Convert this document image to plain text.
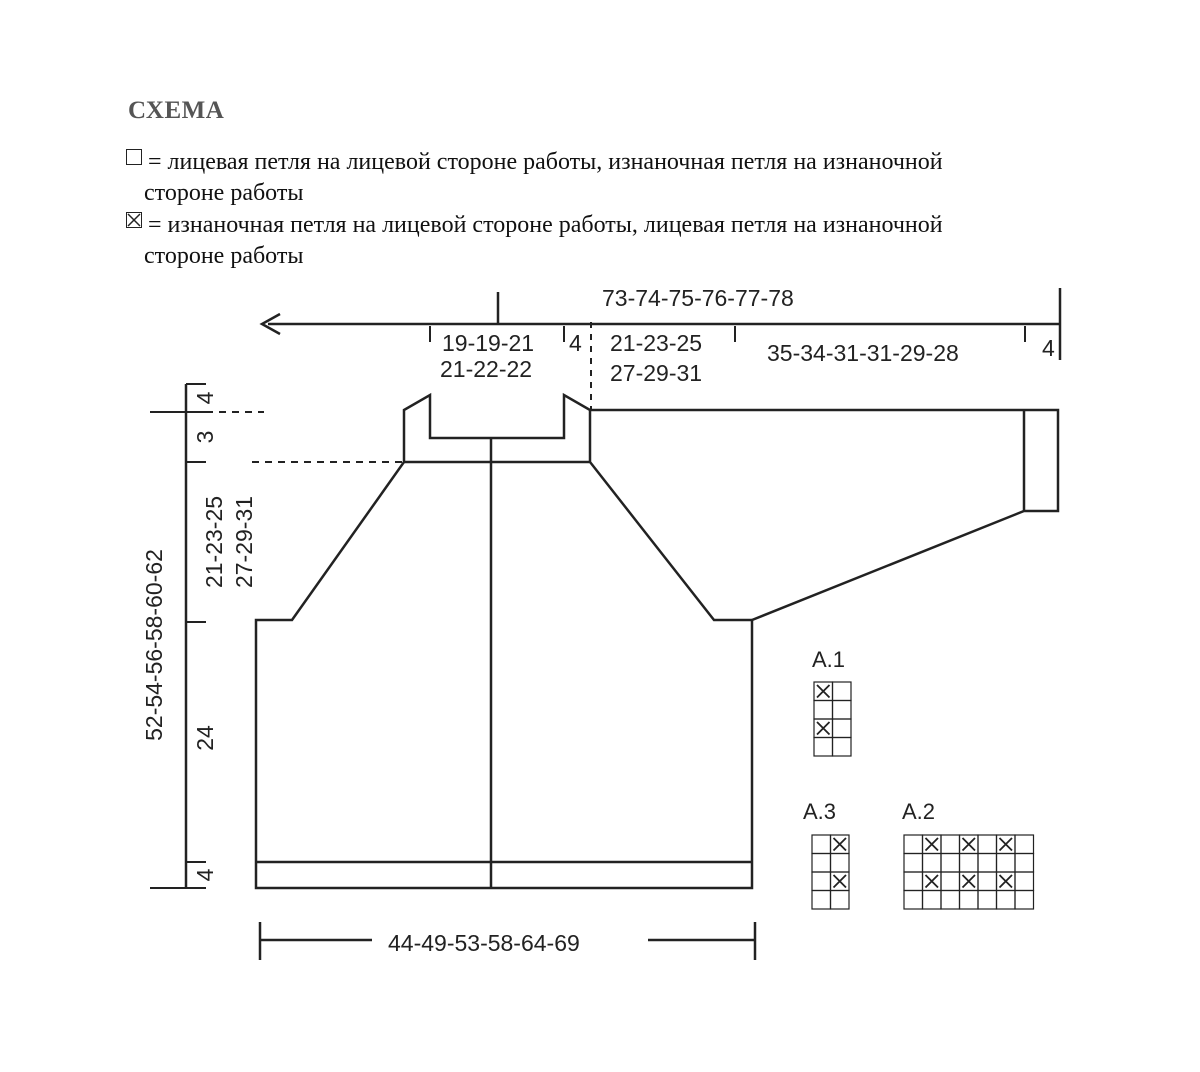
СХЕМА
= лицевая петля на лицевой стороне работы, изнаночная петля на изнаночной
стороне работы
= изнаночная петля на лицевой стороне работы, лицевая петля на изнаночной
стороне работы
73-74-75-76-77-78
19-19-21
21-22-22
4 21-23-25
27-29-31
35-34-31-31-29-28	4
52-54-56-58-60-62
4
3
21-23-25 27-29-31
24
4
44-49-53-58-64-69
A.1
A.3	A.2
